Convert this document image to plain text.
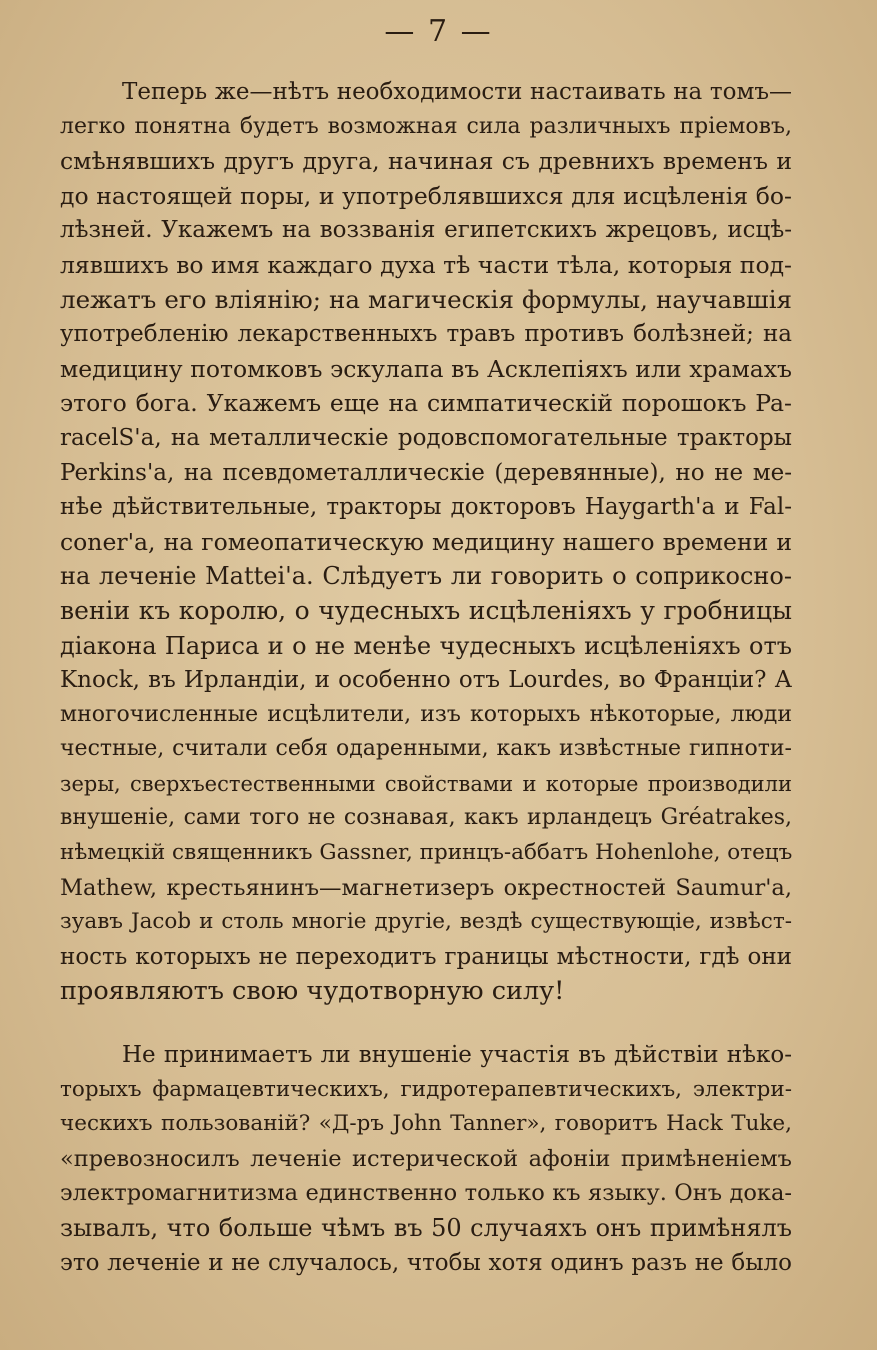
— 7 —
Теперь же—нѣтъ необходимости настаивать на томъ—
легко понятна будетъ возможная сила различныхъ пріемовъ,
смѣнявшихъ другъ друга, начиная съ древнихъ временъ и
до настоящей поры, и употреблявшихся для исцѣленія бо-
лѣзней. Укажемъ на воззванія египетскихъ жрецовъ, исцѣ-
лявшихъ во имя каждаго духа тѣ части тѣла, которыя под-
лежатъ его вліянію; на магическія формулы, научавшія
употребленію лекарственныхъ травъ противъ болѣзней; на
медицину потомковъ эскулапа въ Асклепіяхъ или храмахъ
этого бога. Укажемъ еще на симпатическій порошокъ Pa-
racelS'а, на металлическіе родовспомогательные тракторы
Perkins'а, на псевдометаллическіе (деревянные), но не ме-
нѣе дѣйствительные, тракторы докторовъ Haygarth'а и Fal-
coner'а, на гомеопатическую медицину нашего времени и
на леченіе Mattei'а. Слѣдуетъ ли говорить о соприкосно-
веніи къ королю, о чудесныхъ исцѣленіяхъ у гробницы
діакона Париса и о не менѣе чудесныхъ исцѣленіяхъ отъ
Knock, въ Ирландіи, и особенно отъ Lourdes, во Франціи? А
многочисленные исцѣлители, изъ которыхъ нѣкоторые, люди
честные, считали себя одаренными, какъ извѣстные гипноти-
зеры, сверхъестественными свойствами и которые производили
внушеніе, сами того не сознавая, какъ ирландецъ Gréatrakes,
нѣмецкій священникъ Gassner, принцъ-аббатъ Hohenlohe, отецъ
Mathew, крестьянинъ—магнетизеръ окрестностей Saumur'а,
зуавъ Jacob и столь многіе другіе, вездѣ существующіе, извѣст-
ность которыхъ не переходитъ границы мѣстности, гдѣ они
проявляютъ свою чудотворную силу!
Не принимаетъ ли внушеніе участія въ дѣйствіи нѣко-
торыхъ фармацевтическихъ, гидротерапевтическихъ, электри-
ческихъ пользованій? «Д-ръ John Tanner», говоритъ Hack Tuke,
«превозносилъ леченіе истерической афоніи примѣненіемъ
электромагнитизма единственно только къ языку. Онъ дока-
зывалъ, что больше чѣмъ въ 50 случаяхъ онъ примѣнялъ
это леченіе и не случалось, чтобы хотя одинъ разъ не было
